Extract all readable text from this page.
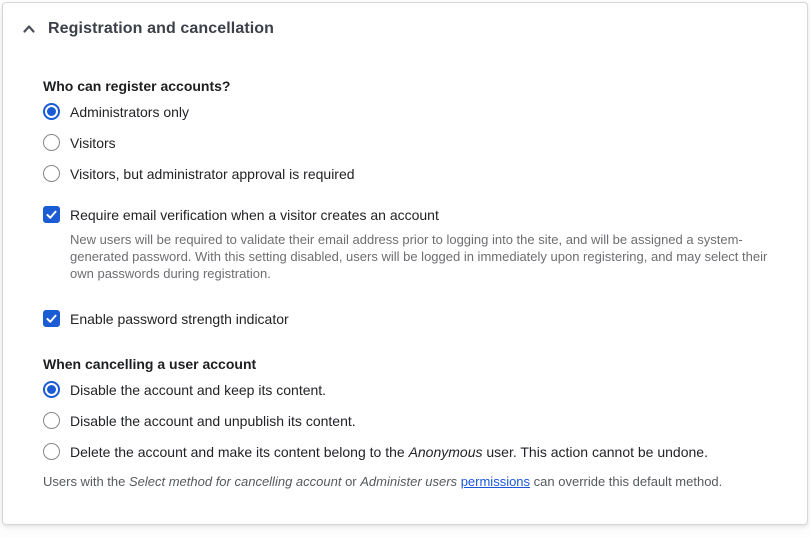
Registration and cancellation
Who can register accounts?
Administrators only
Visitors
Visitors, but administrator approval is required
Require email verification when a visitor creates an account
New users will be required to validate their email address prior to logging into the site, and will be assigned a system-generated password. With this setting disabled, users will be logged in immediately upon registering, and may select their own passwords during registration.
Enable password strength indicator
When cancelling a user account
Disable the account and keep its content.
Disable the account and unpublish its content.
Delete the account and make its content belong to the Anonymous user. This action cannot be undone.
Users with the Select method for cancelling account or Administer users permissions can override this default method.
